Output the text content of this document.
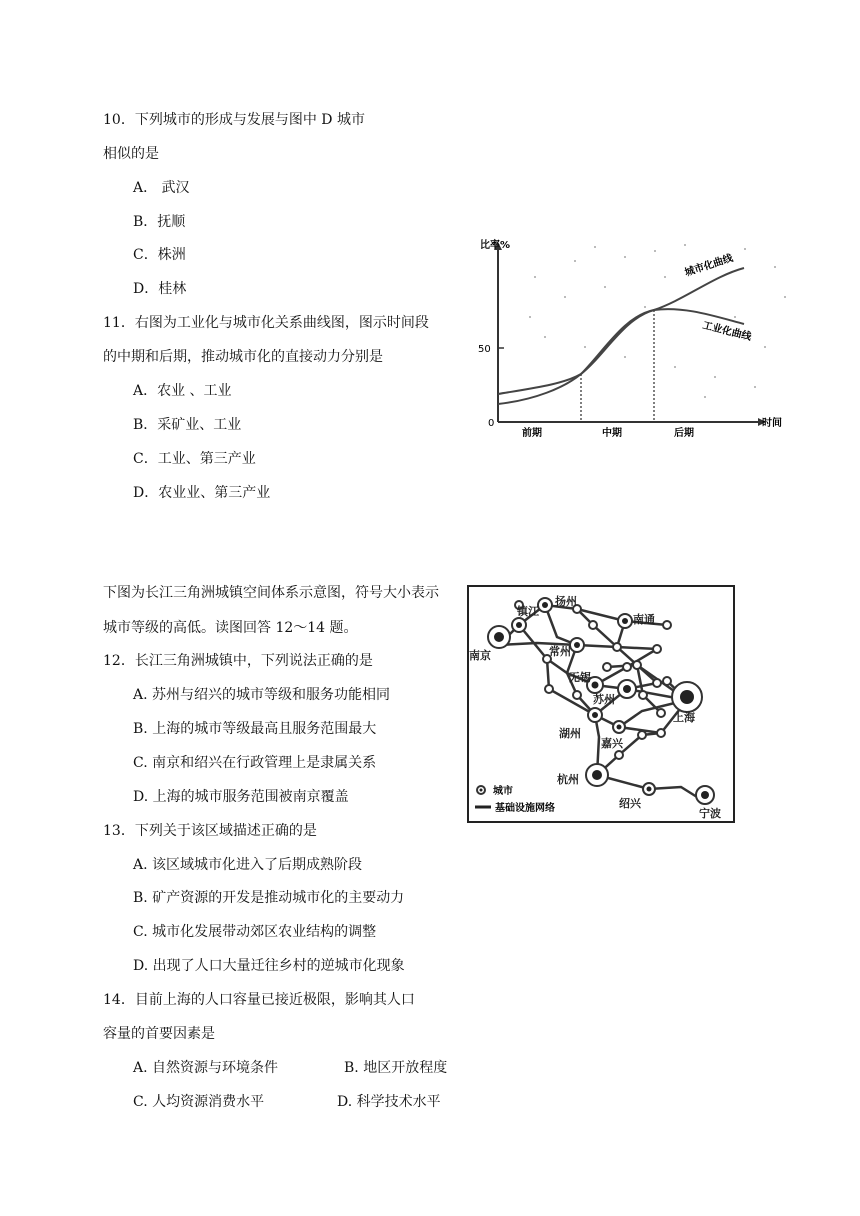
10．下列城市的形成与发展与图中 D 城市
相似的是
A． 武汉
B．抚顺
C．株洲
D．桂林
11．右图为工业化与城市化关系曲线图，图示时间段
的中期和后期，推动城市化的直接动力分别是
A．农业 、工业
B．采矿业、工业
C．工业、第三产业
D．农业业、第三产业
比率%
50
0	时间
城市化曲线
工业化曲线
前期	中期	后期
下图为长江三角洲城镇空间体系示意图，符号大小表示
城市等级的高低。读图回答 12～14 题。
扬州
南通
镇江
南京	常州
无锡
苏州
上海
湖州
嘉兴
杭州
绍兴
宁波
城市
基础设施网络
12．长江三角洲城镇中，下列说法正确的是
A. 苏州与绍兴的城市等级和服务功能相同
B. 上海的城市等级最高且服务范围最大
C. 南京和绍兴在行政管理上是隶属关系
D. 上海的城市服务范围被南京覆盖
13．下列关于该区域描述正确的是
A. 该区域城市化进入了后期成熟阶段
B. 矿产资源的开发是推动城市化的主要动力
C. 城市化发展带动郊区农业结构的调整
D. 出现了人口大量迁往乡村的逆城市化现象
14．目前上海的人口容量已接近极限，影响其人口
容量的首要因素是
A. 自然资源与环境条件	B. 地区开放程度
C. 人均资源消费水平	D. 科学技术水平
